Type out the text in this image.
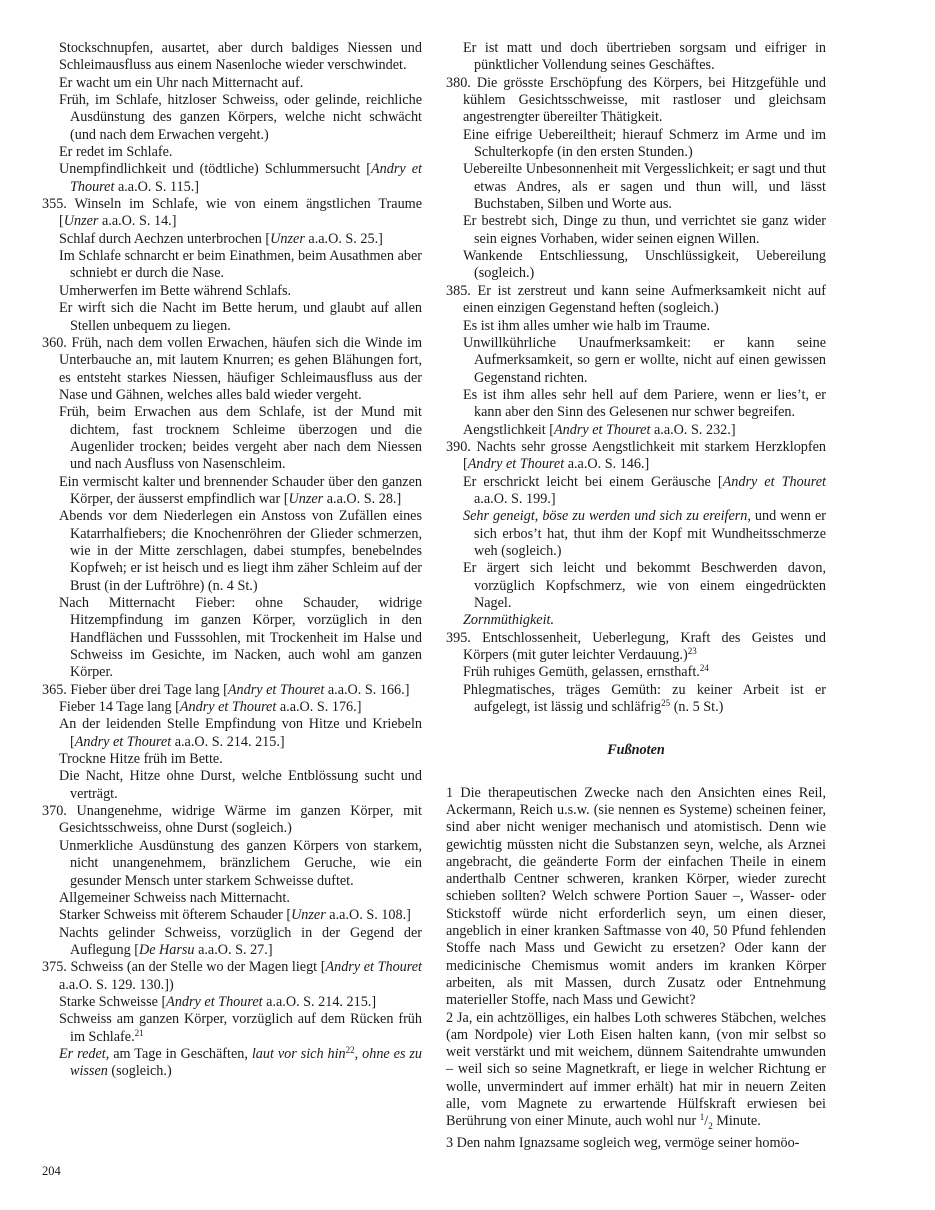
Stockschnupfen, ausartet, aber durch baldiges Niessen und Schleimausfluss aus einem Nasenloche wieder verschwindet.

Er wacht um ein Uhr nach Mitternacht auf.

Früh, im Schlafe, hitzloser Schweiss, oder gelinde, reichliche Ausdünstung des ganzen Körpers, welche nicht schwächt (und nach dem Erwachen vergeht.)

Er redet im Schlafe.

Unempfindlichkeit und (tödtliche) Schlummersucht [Andry et Thouret a.a.O. S. 115.]

355. Winseln im Schlafe, wie von einem ängstlichen Traume [Unzer a.a.O. S. 14.]

Schlaf durch Aechzen unterbrochen [Unzer a.a.O. S. 25.]

Im Schlafe schnarcht er beim Einathmen, beim Ausathmen aber schniebt er durch die Nase.

Umherwerfen im Bette während Schlafs.

Er wirft sich die Nacht im Bette herum, und glaubt auf allen Stellen unbequem zu liegen.

360. Früh, nach dem vollen Erwachen, häufen sich die Winde im Unterbauche an, mit lautem Knurren; es gehen Blähungen fort, es entsteht starkes Niessen, häufiger Schleimausfluss aus der Nase und Gähnen, welches alles bald wieder vergeht.

Früh, beim Erwachen aus dem Schlafe, ist der Mund mit dichtem, fast trocknem Schleime überzogen und die Augenlider trocken; beides vergeht aber nach dem Niessen und nach Ausfluss von Nasenschleim.

Ein vermischt kalter und brennender Schauder über den ganzen Körper, der äusserst empfindlich war [Unzer a.a.O. S. 28.]

Abends vor dem Niederlegen ein Anstoss von Zufällen eines Katarrhalfiebers; die Knochenröhren der Glieder schmerzen, wie in der Mitte zerschlagen, dabei stumpfes, benebelndes Kopfweh; er ist heisch und es liegt ihm zäher Schleim auf der Brust (in der Luftröhre) (n. 4 St.)

Nach Mitternacht Fieber: ohne Schauder, widrige Hitzempfindung im ganzen Körper, vorzüglich in den Handflächen und Fusssohlen, mit Trockenheit im Halse und Schweiss im Gesichte, im Nacken, auch wohl am ganzen Körper.

365. Fieber über drei Tage lang [Andry et Thouret a.a.O. S. 166.]

Fieber 14 Tage lang [Andry et Thouret a.a.O. S. 176.]

An der leidenden Stelle Empfindung von Hitze und Kriebeln [Andry et Thouret a.a.O. S. 214. 215.]

Trockne Hitze früh im Bette.

Die Nacht, Hitze ohne Durst, welche Entblössung sucht und verträgt.

370. Unangenehme, widrige Wärme im ganzen Körper, mit Gesichtsschweiss, ohne Durst (sogleich.)

Unmerkliche Ausdünstung des ganzen Körpers von starkem, nicht unangenehmem, bränzlichem Geruche, wie ein gesunder Mensch unter starkem Schweisse duftet.

Allgemeiner Schweiss nach Mitternacht.

Starker Schweiss mit öfterem Schauder [Unzer a.a.O. S. 108.]

Nachts gelinder Schweiss, vorzüglich in der Gegend der Auflegung [De Harsu a.a.O. S. 27.]

375. Schweiss (an der Stelle wo der Magen liegt [Andry et Thouret a.a.O. S. 129. 130.])

Starke Schweisse [Andry et Thouret a.a.O. S. 214. 215.]

Schweiss am ganzen Körper, vorzüglich auf dem Rücken früh im Schlafe.$^{21}$

Er redet, am Tage in Geschäften, laut vor sich hin$^{22}$, ohne es zu wissen (sogleich.)

Er ist matt und doch übertrieben sorgsam und eifriger in pünktlicher Vollendung seines Geschäftes.

380. Die grösste Erschöpfung des Körpers, bei Hitzgefühle und kühlem Gesichtsschweisse, mit rastloser und gleichsam angestrengter übereilter Thätigkeit.

Eine eifrige Uebereiltheit; hierauf Schmerz im Arme und im Schulterkopfe (in den ersten Stunden.)

Uebereilte Unbesonnenheit mit Vergesslichkeit; er sagt und thut etwas Andres, als er sagen und thun will, und lässt Buchstaben, Silben und Worte aus.

Er bestrebt sich, Dinge zu thun, und verrichtet sie ganz wider sein eignes Vorhaben, wider seinen eignen Willen.

Wankende Entschliessung, Unschlüssigkeit, Uebereilung (sogleich.)

385. Er ist zerstreut und kann seine Aufmerksamkeit nicht auf einen einzigen Gegenstand heften (sogleich.)

Es ist ihm alles umher wie halb im Traume.

Unwillkührliche Unaufmerksamkeit: er kann seine Aufmerksamkeit, so gern er wollte, nicht auf einen gewissen Gegenstand richten.

Es ist ihm alles sehr hell auf dem Pariere, wenn er lies’t, er kann aber den Sinn des Gelesenen nur schwer begreifen.

Aengstlichkeit [Andry et Thouret a.a.O. S. 232.]

390. Nachts sehr grosse Aengstlichkeit mit starkem Herzklopfen [Andry et Thouret a.a.O. S. 146.]

Er erschrickt leicht bei einem Geräusche [Andry et Thouret a.a.O. S. 199.]

Sehr geneigt, böse zu werden und sich zu ereifern, und wenn er sich erbos’t hat, thut ihm der Kopf mit Wundheitsschmerze weh (sogleich.)

Er ärgert sich leicht und bekommt Beschwerden davon, vorzüglich Kopfschmerz, wie von einem eingedrückten Nagel.

Zornmüthigkeit.

395. Entschlossenheit, Ueberlegung, Kraft des Geistes und Körpers (mit guter leichter Verdauung.)$^{23}$

Früh ruhiges Gemüth, gelassen, ernsthaft.$^{24}$

Phlegmatisches, träges Gemüth: zu keiner Arbeit ist er aufgelegt, ist lässig und schläfrig$^{25}$ (n. 5 St.)

Fußnoten

1 Die therapeutischen Zwecke nach den Ansichten eines Reil, Ackermann, Reich u.s.w. (sie nennen es Systeme) scheinen feiner, sind aber nicht weniger mechanisch und atomistisch. Denn wie gewichtig müssten nicht die Substanzen seyn, welche, als Arznei angebracht, die geänderte Form der einfachen Theile in einem anderthalb Centner schweren, kranken Körper, wieder zurecht schieben sollten? Welch schwere Portion Sauer –, Wasser- oder Stickstoff würde nicht erforderlich seyn, um einen dieser, angeblich in einer kranken Saftmasse von 40, 50 Pfund fehlenden Stoffe nach Mass und Gewicht zu ersetzen? Oder kann der medicinische Chemismus womit anders im kranken Körper arbeiten, als mit Massen, durch Zusatz oder Entnehmung materieller Stoffe, nach Mass und Gewicht?

2 Ja, ein achtzölliges, ein halbes Loth schweres Stäbchen, welches (am Nordpole) vier Loth Eisen halten kann, (von mir selbst so weit verstärkt und mit weichem, dünnem Saitendrahte umwunden – weil sich so seine Magnetkraft, er liege in welcher Richtung er wolle, unvermindert auf immer erhält) hat mir in neuern Zeiten alle, vom Magnete zu erwartende Hülfskraft erwiesen bei Berührung von einer Minute, auch wohl nur $^1/_2$ Minute.

3 Den nahm Ignazsame sogleich weg, vermöge seiner homöo-

204
